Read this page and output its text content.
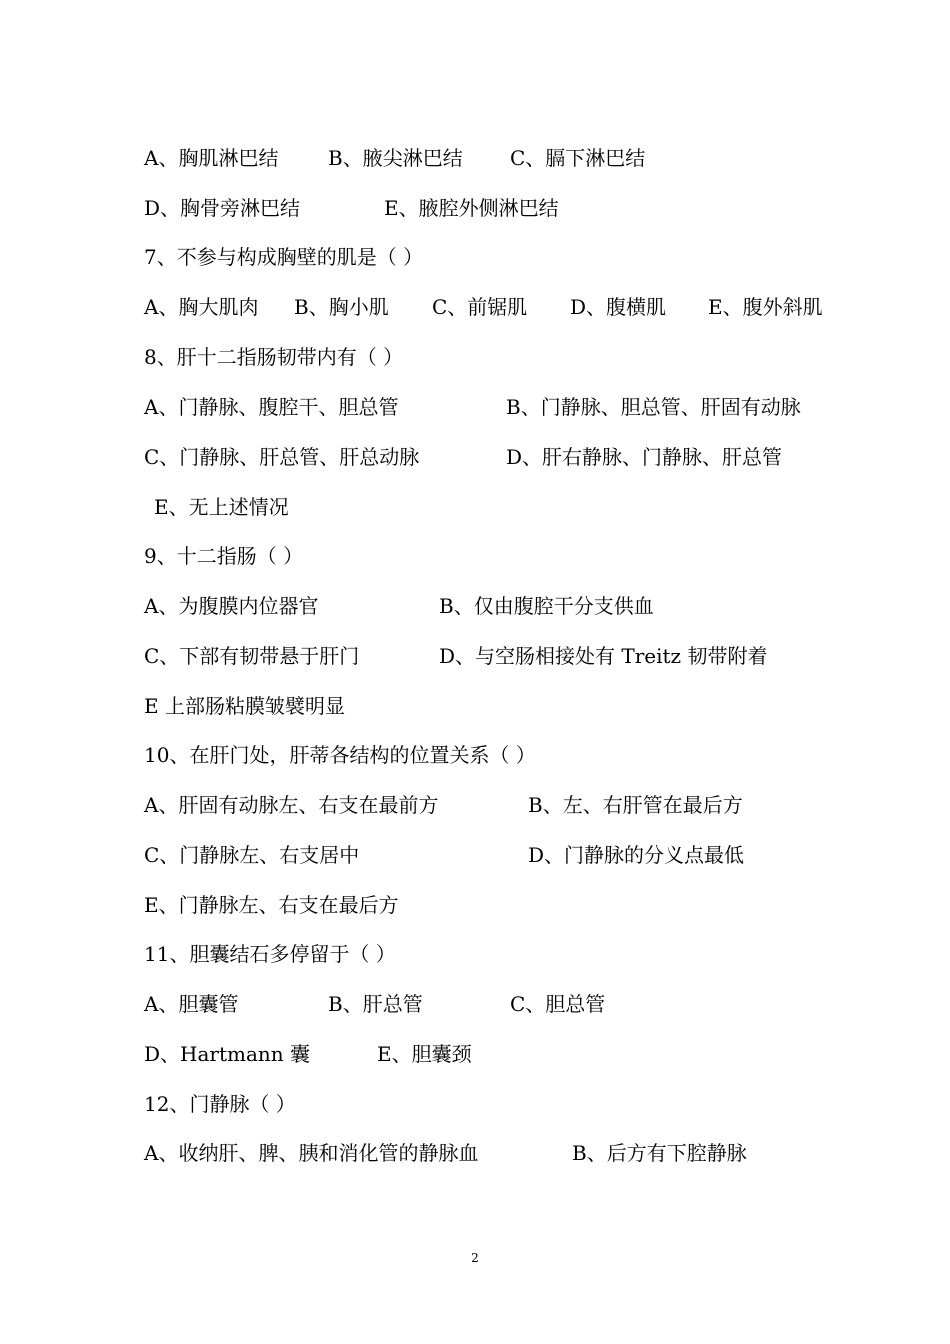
A、胸肌淋巴结 B、腋尖淋巴结 C、膈下淋巴结
D、胸骨旁淋巴结	E、腋腔外侧淋巴结
7、不参与构成胸壁的肌是（ ）
A、胸大肌肉 B、胸小肌 C、前锯肌 D、腹横肌 E、腹外斜肌
8、肝十二指肠韧带内有（ ）
A、门静脉、腹腔干、胆总管	B、门静脉、胆总管、肝固有动脉
C、门静脉、肝总管、肝总动脉	D、肝右静脉、门静脉、肝总管
E、无上述情况
9、十二指肠（ ）
A、为腹膜内位器官	B、仅由腹腔干分支供血
C、下部有韧带悬于肝门	D、与空肠相接处有 Treitz 韧带附着
E 上部肠粘膜皱襞明显
10、在肝门处，肝蒂各结构的位置关系（ ）
A、肝固有动脉左、右支在最前方	B、左、右肝管在最后方
C、门静脉左、右支居中	D、门静脉的分义点最低
E、门静脉左、右支在最后方
11、胆囊结石多停留于（ ）
A、胆囊管	B、肝总管	C、胆总管
D、Hartmann 囊	E、胆囊颈
12、门静脉（ ）
A、收纳肝、脾、胰和消化管的静脉血	B、后方有下腔静脉
2
